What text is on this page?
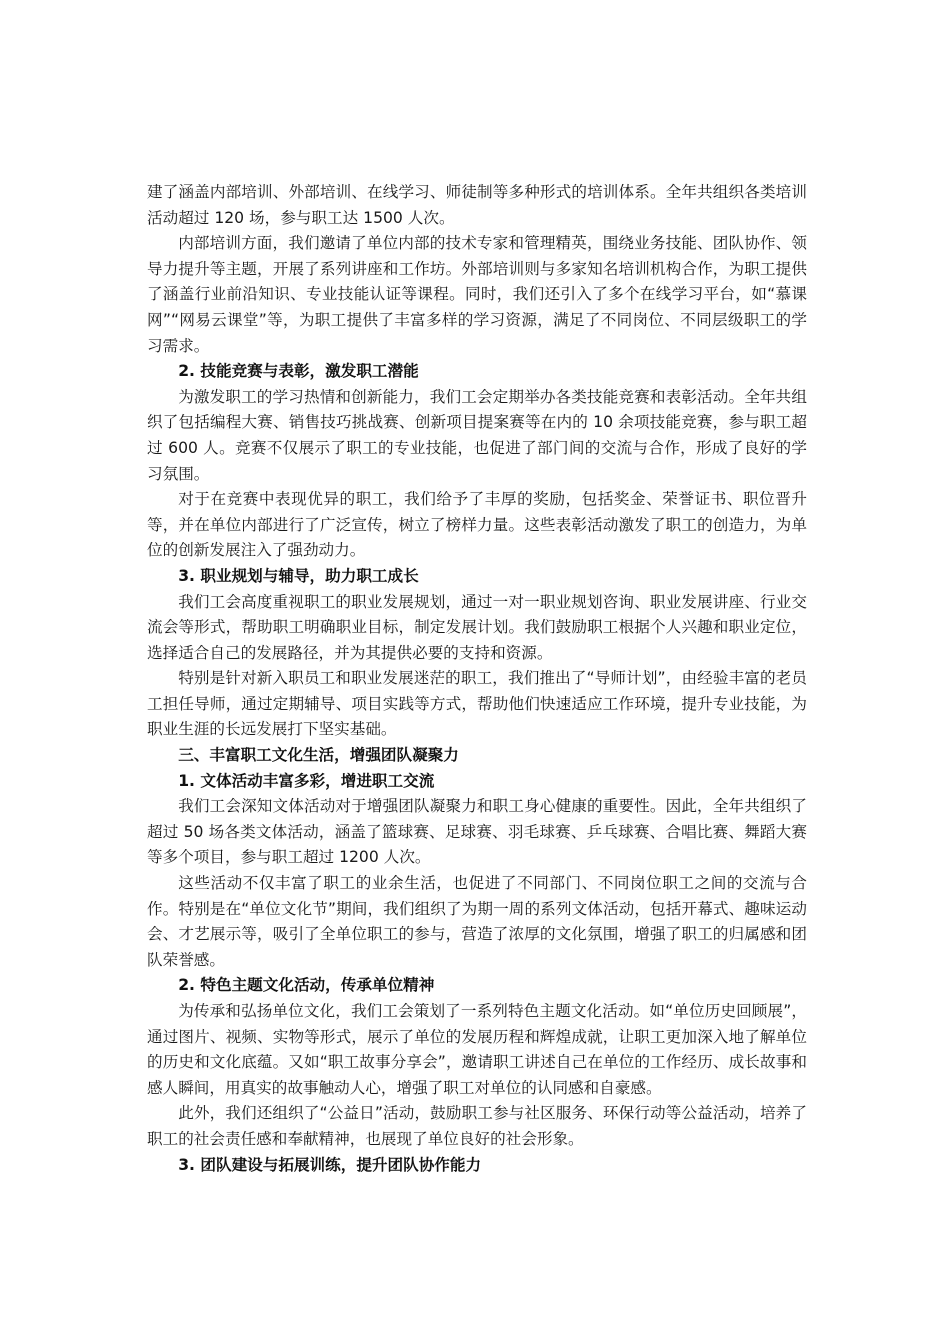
建了涵盖内部培训、外部培训、在线学习、师徒制等多种形式的培训体系。全年共组织各类培训活动超过 120 场，参与职工达 1500 人次。

内部培训方面，我们邀请了单位内部的技术专家和管理精英，围绕业务技能、团队协作、领导力提升等主题，开展了系列讲座和工作坊。外部培训则与多家知名培训机构合作，为职工提供了涵盖行业前沿知识、专业技能认证等课程。同时，我们还引入了多个在线学习平台，如“慕课网”“网易云课堂”等，为职工提供了丰富多样的学习资源，满足了不同岗位、不同层级职工的学习需求。

2. 技能竞赛与表彰，激发职工潜能

为激发职工的学习热情和创新能力，我们工会定期举办各类技能竞赛和表彰活动。全年共组织了包括编程大赛、销售技巧挑战赛、创新项目提案赛等在内的 10 余项技能竞赛，参与职工超过 600 人。竞赛不仅展示了职工的专业技能，也促进了部门间的交流与合作，形成了良好的学习氛围。

对于在竞赛中表现优异的职工，我们给予了丰厚的奖励，包括奖金、荣誉证书、职位晋升等，并在单位内部进行了广泛宣传，树立了榜样力量。这些表彰活动激发了职工的创造力，为单位的创新发展注入了强劲动力。

3. 职业规划与辅导，助力职工成长

我们工会高度重视职工的职业发展规划，通过一对一职业规划咨询、职业发展讲座、行业交流会等形式，帮助职工明确职业目标，制定发展计划。我们鼓励职工根据个人兴趣和职业定位，选择适合自己的发展路径，并为其提供必要的支持和资源。

特别是针对新入职员工和职业发展迷茫的职工，我们推出了“导师计划”，由经验丰富的老员工担任导师，通过定期辅导、项目实践等方式，帮助他们快速适应工作环境，提升专业技能，为职业生涯的长远发展打下坚实基础。

三、丰富职工文化生活，增强团队凝聚力
1. 文体活动丰富多彩，增进职工交流

我们工会深知文体活动对于增强团队凝聚力和职工身心健康的重要性。因此，全年共组织了超过 50 场各类文体活动，涵盖了篮球赛、足球赛、羽毛球赛、乒乓球赛、合唱比赛、舞蹈大赛等多个项目，参与职工超过 1200 人次。

这些活动不仅丰富了职工的业余生活，也促进了不同部门、不同岗位职工之间的交流与合作。特别是在“单位文化节”期间，我们组织了为期一周的系列文体活动，包括开幕式、趣味运动会、才艺展示等，吸引了全单位职工的参与，营造了浓厚的文化氛围，增强了职工的归属感和团队荣誉感。

2. 特色主题文化活动，传承单位精神

为传承和弘扬单位文化，我们工会策划了一系列特色主题文化活动。如“单位历史回顾展”，通过图片、视频、实物等形式，展示了单位的发展历程和辉煌成就，让职工更加深入地了解单位的历史和文化底蕴。又如“职工故事分享会”，邀请职工讲述自己在单位的工作经历、成长故事和感人瞬间，用真实的故事触动人心，增强了职工对单位的认同感和自豪感。

此外，我们还组织了“公益日”活动，鼓励职工参与社区服务、环保行动等公益活动，培养了职工的社会责任感和奉献精神，也展现了单位良好的社会形象。

3. 团队建设与拓展训练，提升团队协作能力
